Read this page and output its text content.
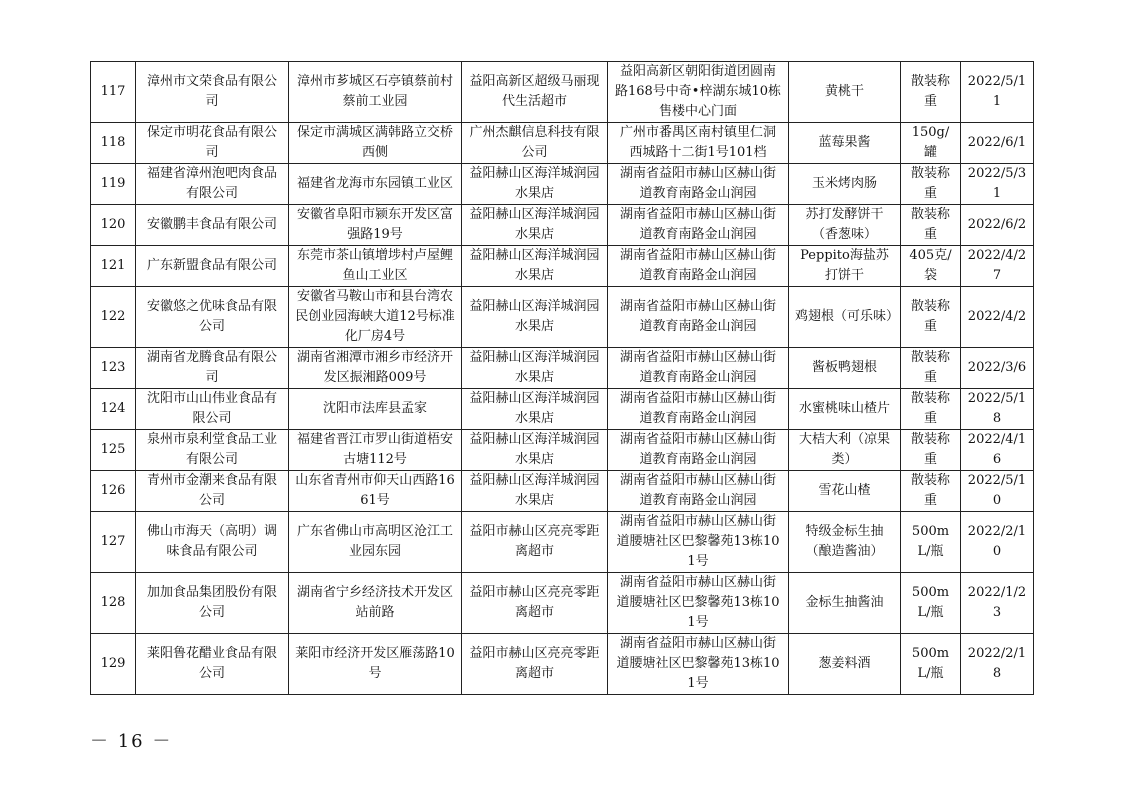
117	漳州市文荣食品有限公司	漳州市芗城区石亭镇蔡前村蔡前工业园	益阳高新区超级马丽现代生活超市	益阳高新区朝阳街道团圆南路168号中奇•梓湖东城10栋售楼中心门面	黄桃干	散装称重	2022/5/11
118	保定市明花食品有限公司	保定市满城区满韩路立交桥西侧	广州杰麒信息科技有限公司	广州市番禺区南村镇里仁洞西城路十二街1号101档	蓝莓果酱	150g/罐	2022/6/1
119	福建省漳州泡吧肉食品有限公司	福建省龙海市东园镇工业区	益阳赫山区海洋城润园水果店	湖南省益阳市赫山区赫山街道教育南路金山润园	玉米烤肉肠	散装称重	2022/5/31
120	安徽鹏丰食品有限公司	安徽省阜阳市颍东开发区富强路19号	益阳赫山区海洋城润园水果店	湖南省益阳市赫山区赫山街道教育南路金山润园	苏打发酵饼干（香葱味）	散装称重	2022/6/2
121	广东新盟食品有限公司	东莞市茶山镇增埗村卢屋鲤鱼山工业区	益阳赫山区海洋城润园水果店	湖南省益阳市赫山区赫山街道教育南路金山润园	Peppito海盐苏打饼干	405克/袋	2022/4/27
122	安徽悠之优味食品有限公司	安徽省马鞍山市和县台湾农民创业园海峡大道12号标准化厂房4号	益阳赫山区海洋城润园水果店	湖南省益阳市赫山区赫山街道教育南路金山润园	鸡翅根（可乐味）	散装称重	2022/4/2
123	湖南省龙腾食品有限公司	湖南省湘潭市湘乡市经济开发区振湘路009号	益阳赫山区海洋城润园水果店	湖南省益阳市赫山区赫山街道教育南路金山润园	酱板鸭翅根	散装称重	2022/3/6
124	沈阳市山山伟业食品有限公司	沈阳市法库县孟家	益阳赫山区海洋城润园水果店	湖南省益阳市赫山区赫山街道教育南路金山润园	水蜜桃味山楂片	散装称重	2022/5/18
125	泉州市泉利堂食品工业有限公司	福建省晋江市罗山街道梧安古塘112号	益阳赫山区海洋城润园水果店	湖南省益阳市赫山区赫山街道教育南路金山润园	大桔大利（凉果类）	散装称重	2022/4/16
126	青州市金潮来食品有限公司	山东省青州市仰天山西路1661号	益阳赫山区海洋城润园水果店	湖南省益阳市赫山区赫山街道教育南路金山润园	雪花山楂	散装称重	2022/5/10
127	佛山市海天（高明）调味食品有限公司	广东省佛山市高明区沧江工业园东园	益阳市赫山区亮亮零距离超市	湖南省益阳市赫山区赫山街道腰塘社区巴黎馨苑13栋101号	特级金标生抽（酿造酱油）	500mL/瓶	2022/2/10
128	加加食品集团股份有限公司	湖南省宁乡经济技术开发区站前路	益阳市赫山区亮亮零距离超市	湖南省益阳市赫山区赫山街道腰塘社区巴黎馨苑13栋101号	金标生抽酱油	500mL/瓶	2022/1/23
129	莱阳鲁花醋业食品有限公司	莱阳市经济开发区雁荡路10号	益阳市赫山区亮亮零距离超市	湖南省益阳市赫山区赫山街道腰塘社区巴黎馨苑13栋101号	葱姜料酒	500mL/瓶	2022/2/18
－ 16 －
